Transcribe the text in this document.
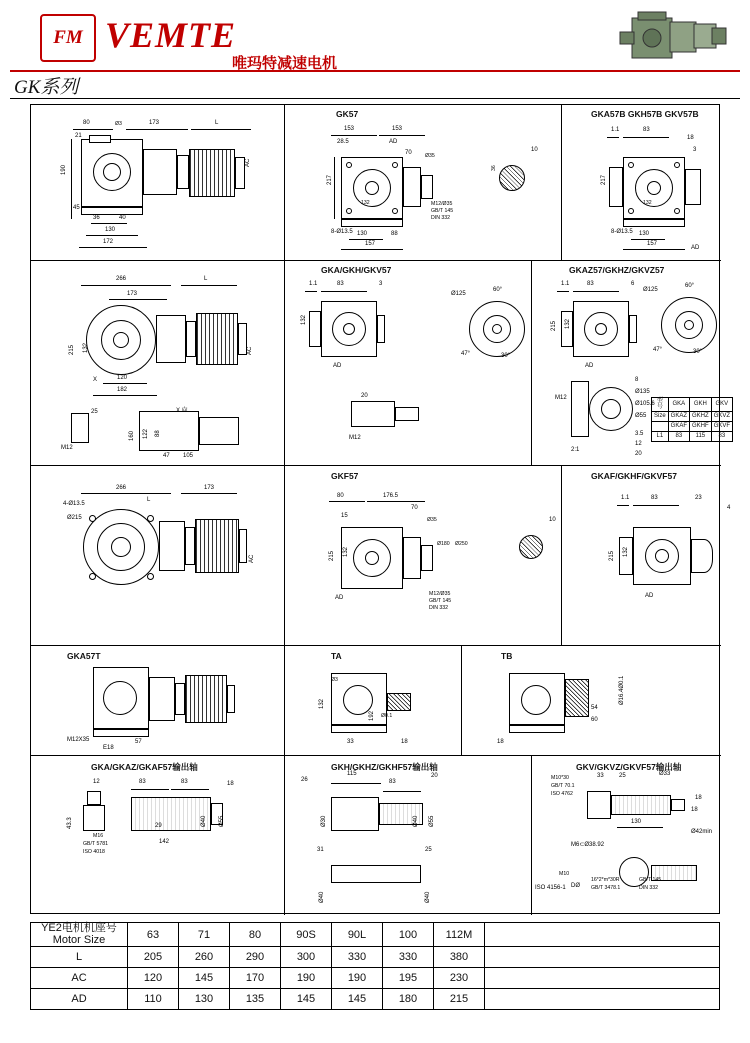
FM VEMTE
唯玛特减速电机
GK系列
GK57	GKA57B GKH57B GKV57B
80	Ø3	173	L
21
190
45
AC
36	40
130
172
153	153
28.5	AD
70	Ø35
217
132
8-Ø13.5 130	88
157
M12/Ø35
GB/T 145
DIN 332
10
36
1.1	83
18
3
217
132
8-Ø13.5 130
157
AD
GKA/GKH/GKV57	GKAZ57/GKHZ/GKVZ57
266
173
L
215 132	AC
120
182
X
M12
25
160 122 88
47 105
1.1	83	3
132
AD
Ø125
60°
47°	30°
20
M12
1.1	83	6
215 132
AD
Ø125
60°
47°	30°
M12
8
Ø135
Ø105.6
Ø55
3.5
12
20
2:1
型号	GKA	GKH	GKV
Size	GKAZ	GKHZ	GKVZ
	GKAF	GKHF	GKVF
L1	83	115	83
GKF57	GKAF/GKHF/GKVF57
266	173
L
4-Ø13.5
Ø215
AC
80	176.5
70
15
Ø35
215 132
Ø180 Ø250
AD
M12/Ø35
GB/T 145
DIN 332
10
1.1	83	23
4
215 132
AD
GKA57T	TA	TB
M12X35
E18
57
132
Ø3
192 Ø0.1
33	18
54
60
Ø16.4Ø0.1
18
GKA/GKAZ/GKAF57输出轴	GKH/GKHZ/GKHF57输出轴	GKV/GKVZ/GKVF57输出轴
12	83	83
43.3
M16
GB/T 5781
ISO 4018
29
142
Ø40 Ø55
18
26
115
83
20
Ø30	Ø40 Ø55
31	25
Ø40	Ø40
M10*30
GB/T 70.1
ISO 4762
33	25	Ø33
18
18
130
Ø42min
M6⊂Ø38.92
M10
16*2*m*30R	GB/T 145
GB/T 3478.1	DIN 332
ISO 4156-1 DØ
YE2电机机座号
Motor Size	63	71	80	90S	90L	100	112M	
L	205	260	290	300	330	330	380	
AC	120	145	170	190	190	195	230	
AD	110	130	135	145	145	180	215	
